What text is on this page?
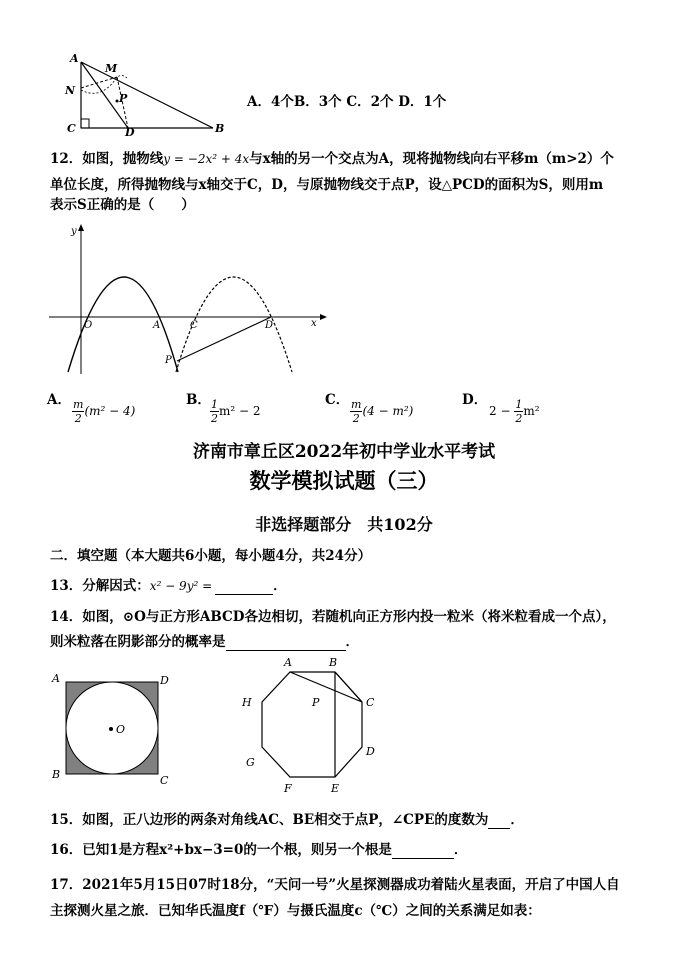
A
M
N
P
C	D	B
A．4个B．3个 C．2个 D．1个
12．如图，抛物线y = −2x² + 4x与x轴的另一个交点为A，现将抛物线向右平移m（m>2）个
单位长度，所得抛物线与x轴交于C，D，与原抛物线交于点P，设△PCD的面积为S，则用m
表示S正确的是（　　）
y
x
O	A	C	D
P
A． $\frac{m}{2} (m^2 - 4)$
B． $\frac{1}{2} m^2 - 2$
C． $\frac{m}{2} (4 - m^2)$
D．
$2 - \frac{1}{2} m^2$
济南市章丘区2022年初中学业水平考试
数学模拟试题（三）
非选择题部分　共102分
二．填空题（本大题共6小题，每小题4分，共24分）
13．分解因式：x² − 9y² =	．
14．如图，⊙O与正方形ABCD各边相切，若随机向正方形内投一粒米（将米粒看成一个点），
则米粒落在阴影部分的概率是	．
O
A	D
B	C
A	B
H	P	C
G
D
F	E
15．如图，正八边形的两条对角线AC、BE相交于点P，∠CPE的度数为 ．
16．已知1是方程x²+bx−3=0的一个根，则另一个根是	．
17．2021年5月15日07时18分，“天问一号”火星探测器成功着陆火星表面，开启了中国人自
主探测火星之旅．已知华氏温度f（℉）与摄氏温度c（℃）之间的关系满足如表：
